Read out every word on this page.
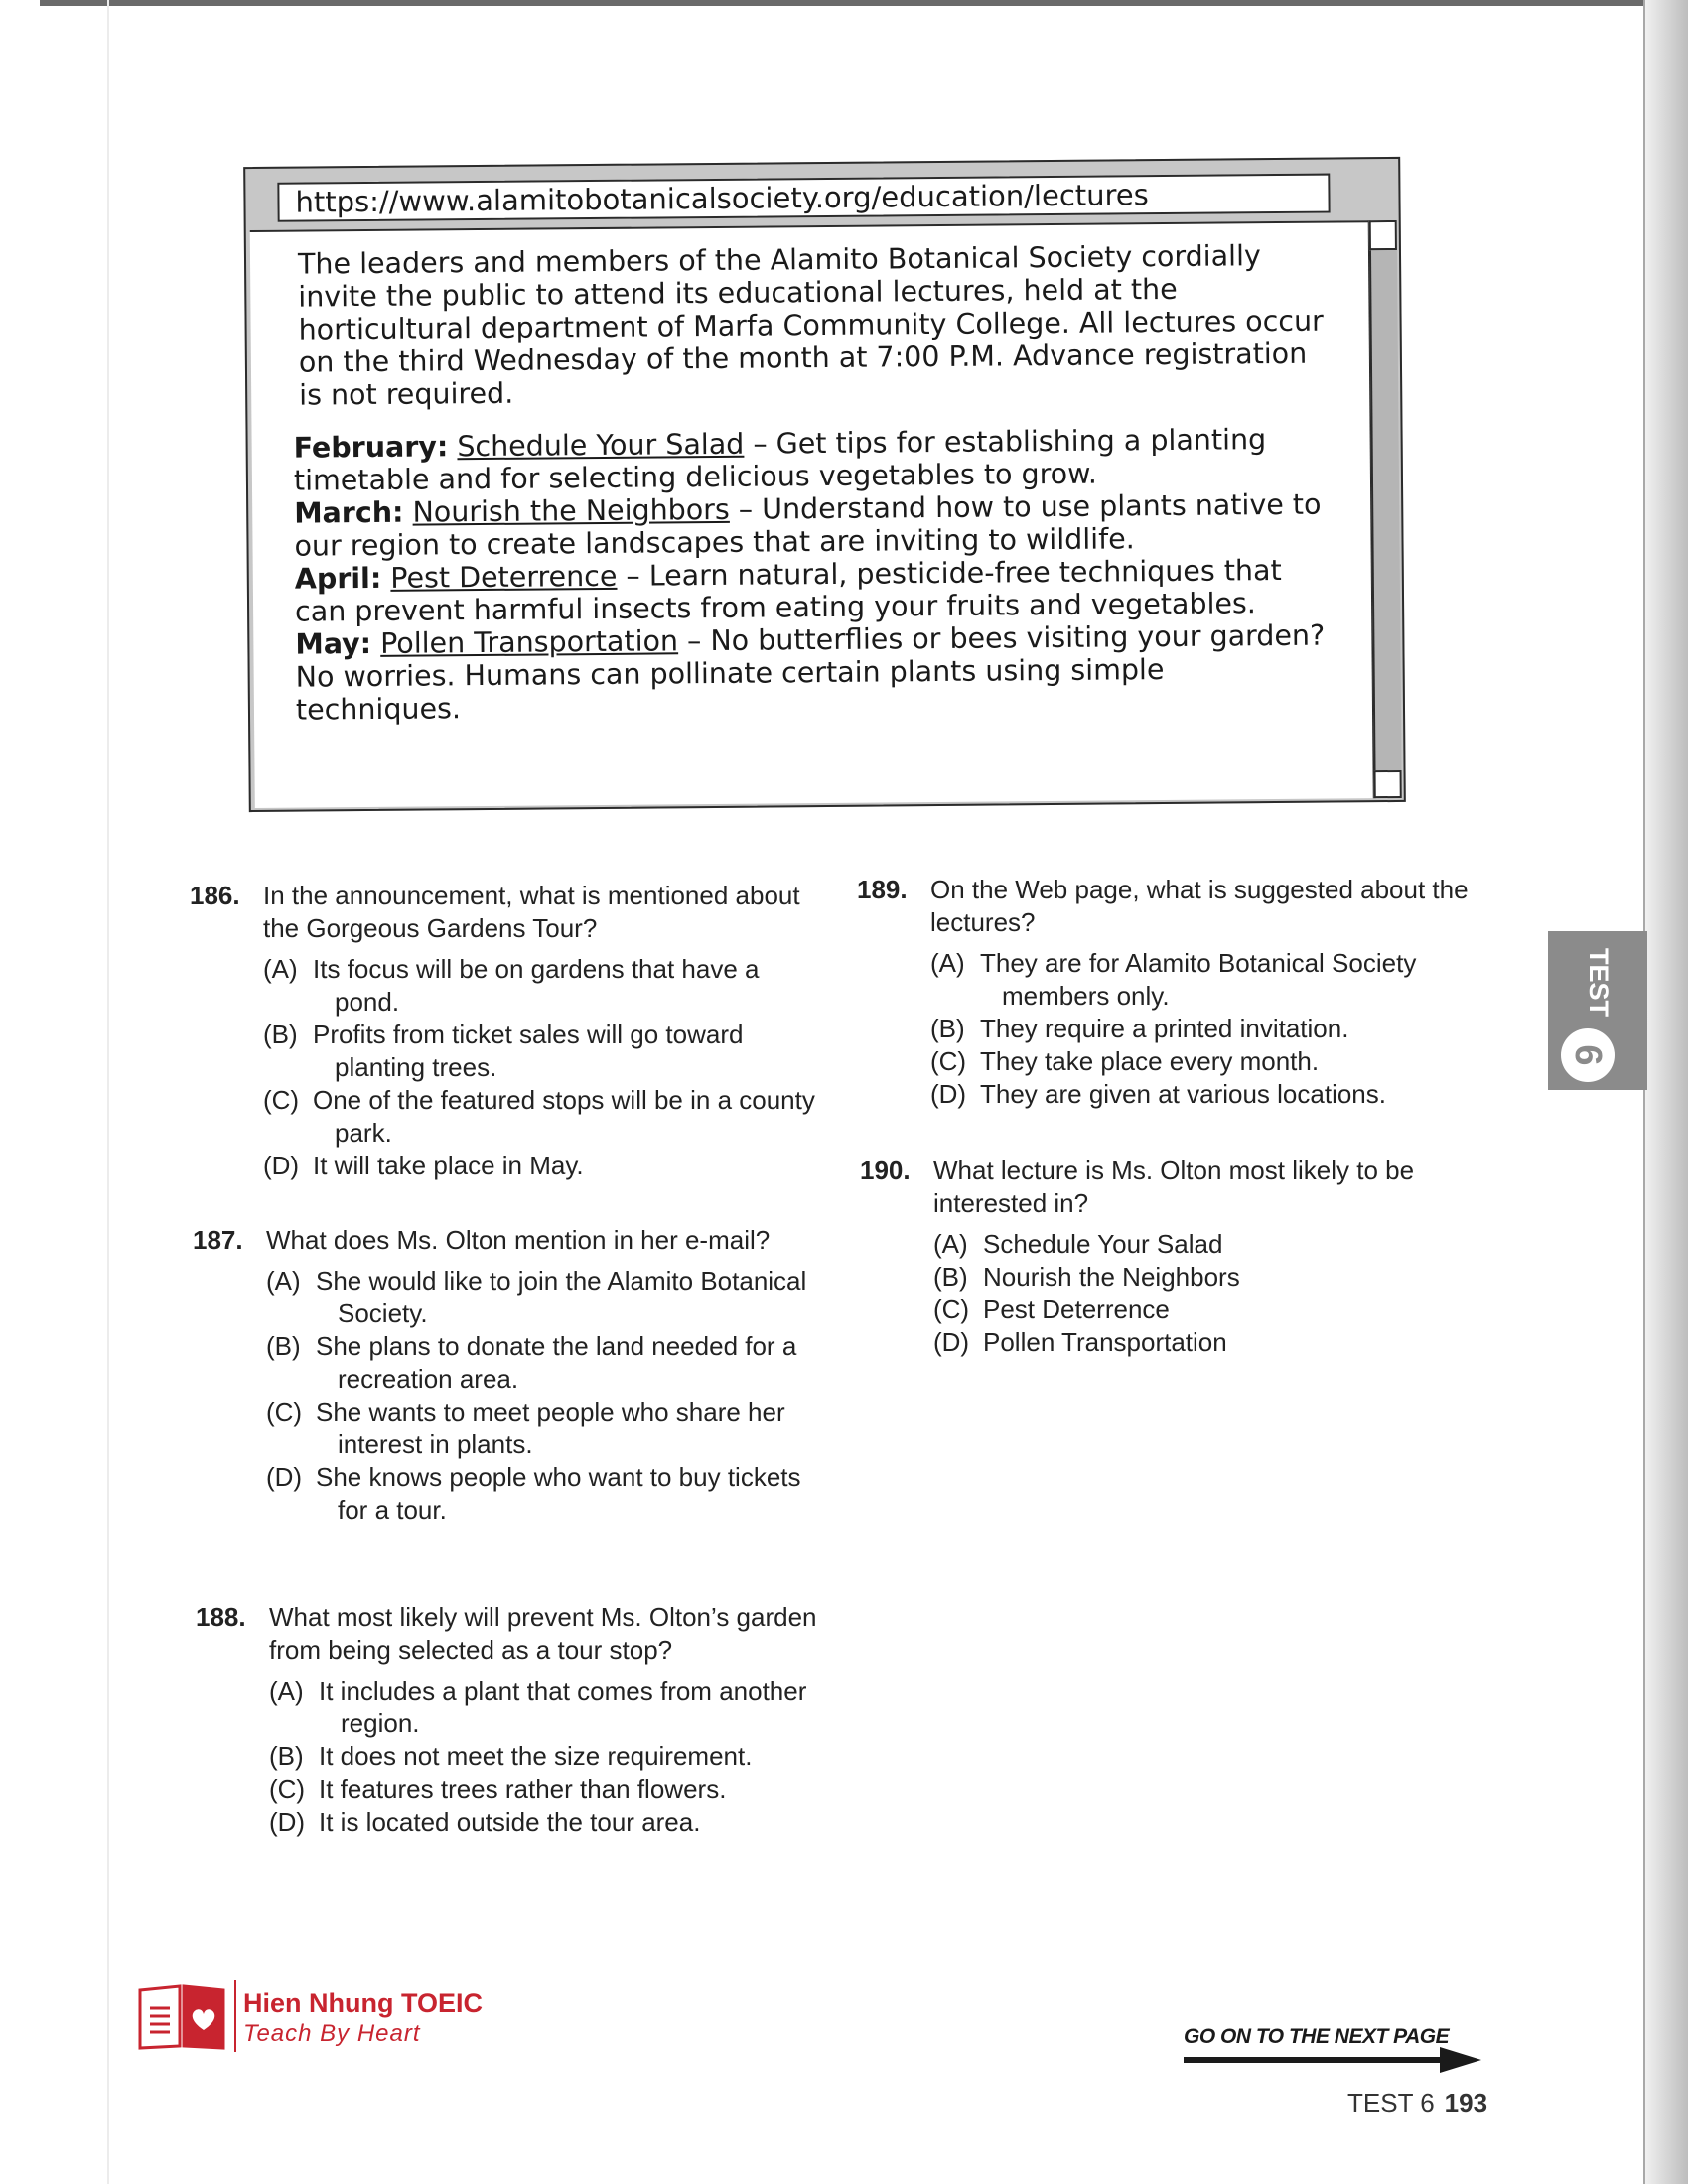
https://www.alamitobotanicalsociety.org/education/lectures

The leaders and members of the Alamito Botanical Society cordially invite the public to attend its educational lectures, held at the horticultural department of Marfa Community College. All lectures occur on the third Wednesday of the month at 7:00 P.M. Advance registration is not required.

February: Schedule Your Salad – Get tips for establishing a planting timetable and for selecting delicious vegetables to grow.

March: Nourish the Neighbors – Understand how to use plants native to our region to create landscapes that are inviting to wildlife.

April: Pest Deterrence – Learn natural, pesticide-free techniques that can prevent harmful insects from eating your fruits and vegetables.

May: Pollen Transportation – No butterflies or bees visiting your garden? No worries. Humans can pollinate certain plants using simple techniques.

186. In the announcement, what is mentioned about the Gorgeous Gardens Tour?
(A) Its focus will be on gardens that have a pond.
(B) Profits from ticket sales will go toward planting trees.
(C) One of the featured stops will be in a county park.
(D) It will take place in May.
187. What does Ms. Olton mention in her e-mail?
(A) She would like to join the Alamito Botanical Society.
(B) She plans to donate the land needed for a recreation area.
(C) She wants to meet people who share her interest in plants.
(D) She knows people who want to buy tickets for a tour.
188. What most likely will prevent Ms. Olton’s garden from being selected as a tour stop?
(A) It includes a plant that comes from another region.
(B) It does not meet the size requirement.
(C) It features trees rather than flowers.
(D) It is located outside the tour area.
189. On the Web page, what is suggested about the lectures?
(A) They are for Alamito Botanical Society members only.
(B) They require a printed invitation.
(C) They take place every month.
(D) They are given at various locations.
190. What lecture is Ms. Olton most likely to be interested in?
(A) Schedule Your Salad
(B) Nourish the Neighbors
(C) Pest Deterrence
(D) Pollen Transportation
TEST
6
Hien Nhung TOEIC
Teach By Heart	GO ON TO THE NEXT PAGE
TEST 6 193
